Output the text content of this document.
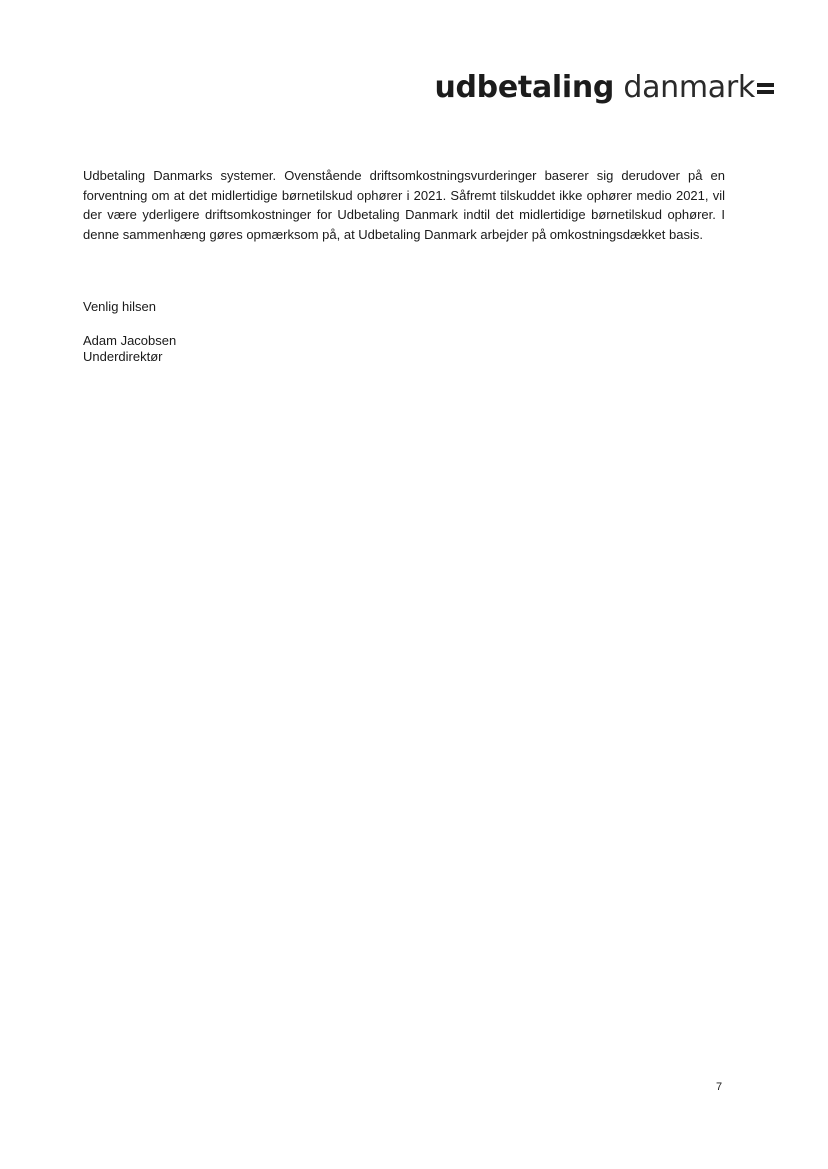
udbetaling danmark

Udbetaling Danmarks systemer. Ovenstående driftsomkostningsvurderinger baserer sig derudover på en forventning om at det midlertidige børnetilskud ophører i 2021. Såfremt tilskuddet ikke ophører medio 2021, vil der være yderligere driftsomkostninger for Udbetaling Danmark indtil det midlertidige børnetilskud ophører. I denne sammenhæng gøres opmærksom på, at Udbetaling Danmark arbejder på omkostningsdækket basis.

Venlig hilsen
Adam Jacobsen
Underdirektør
7
